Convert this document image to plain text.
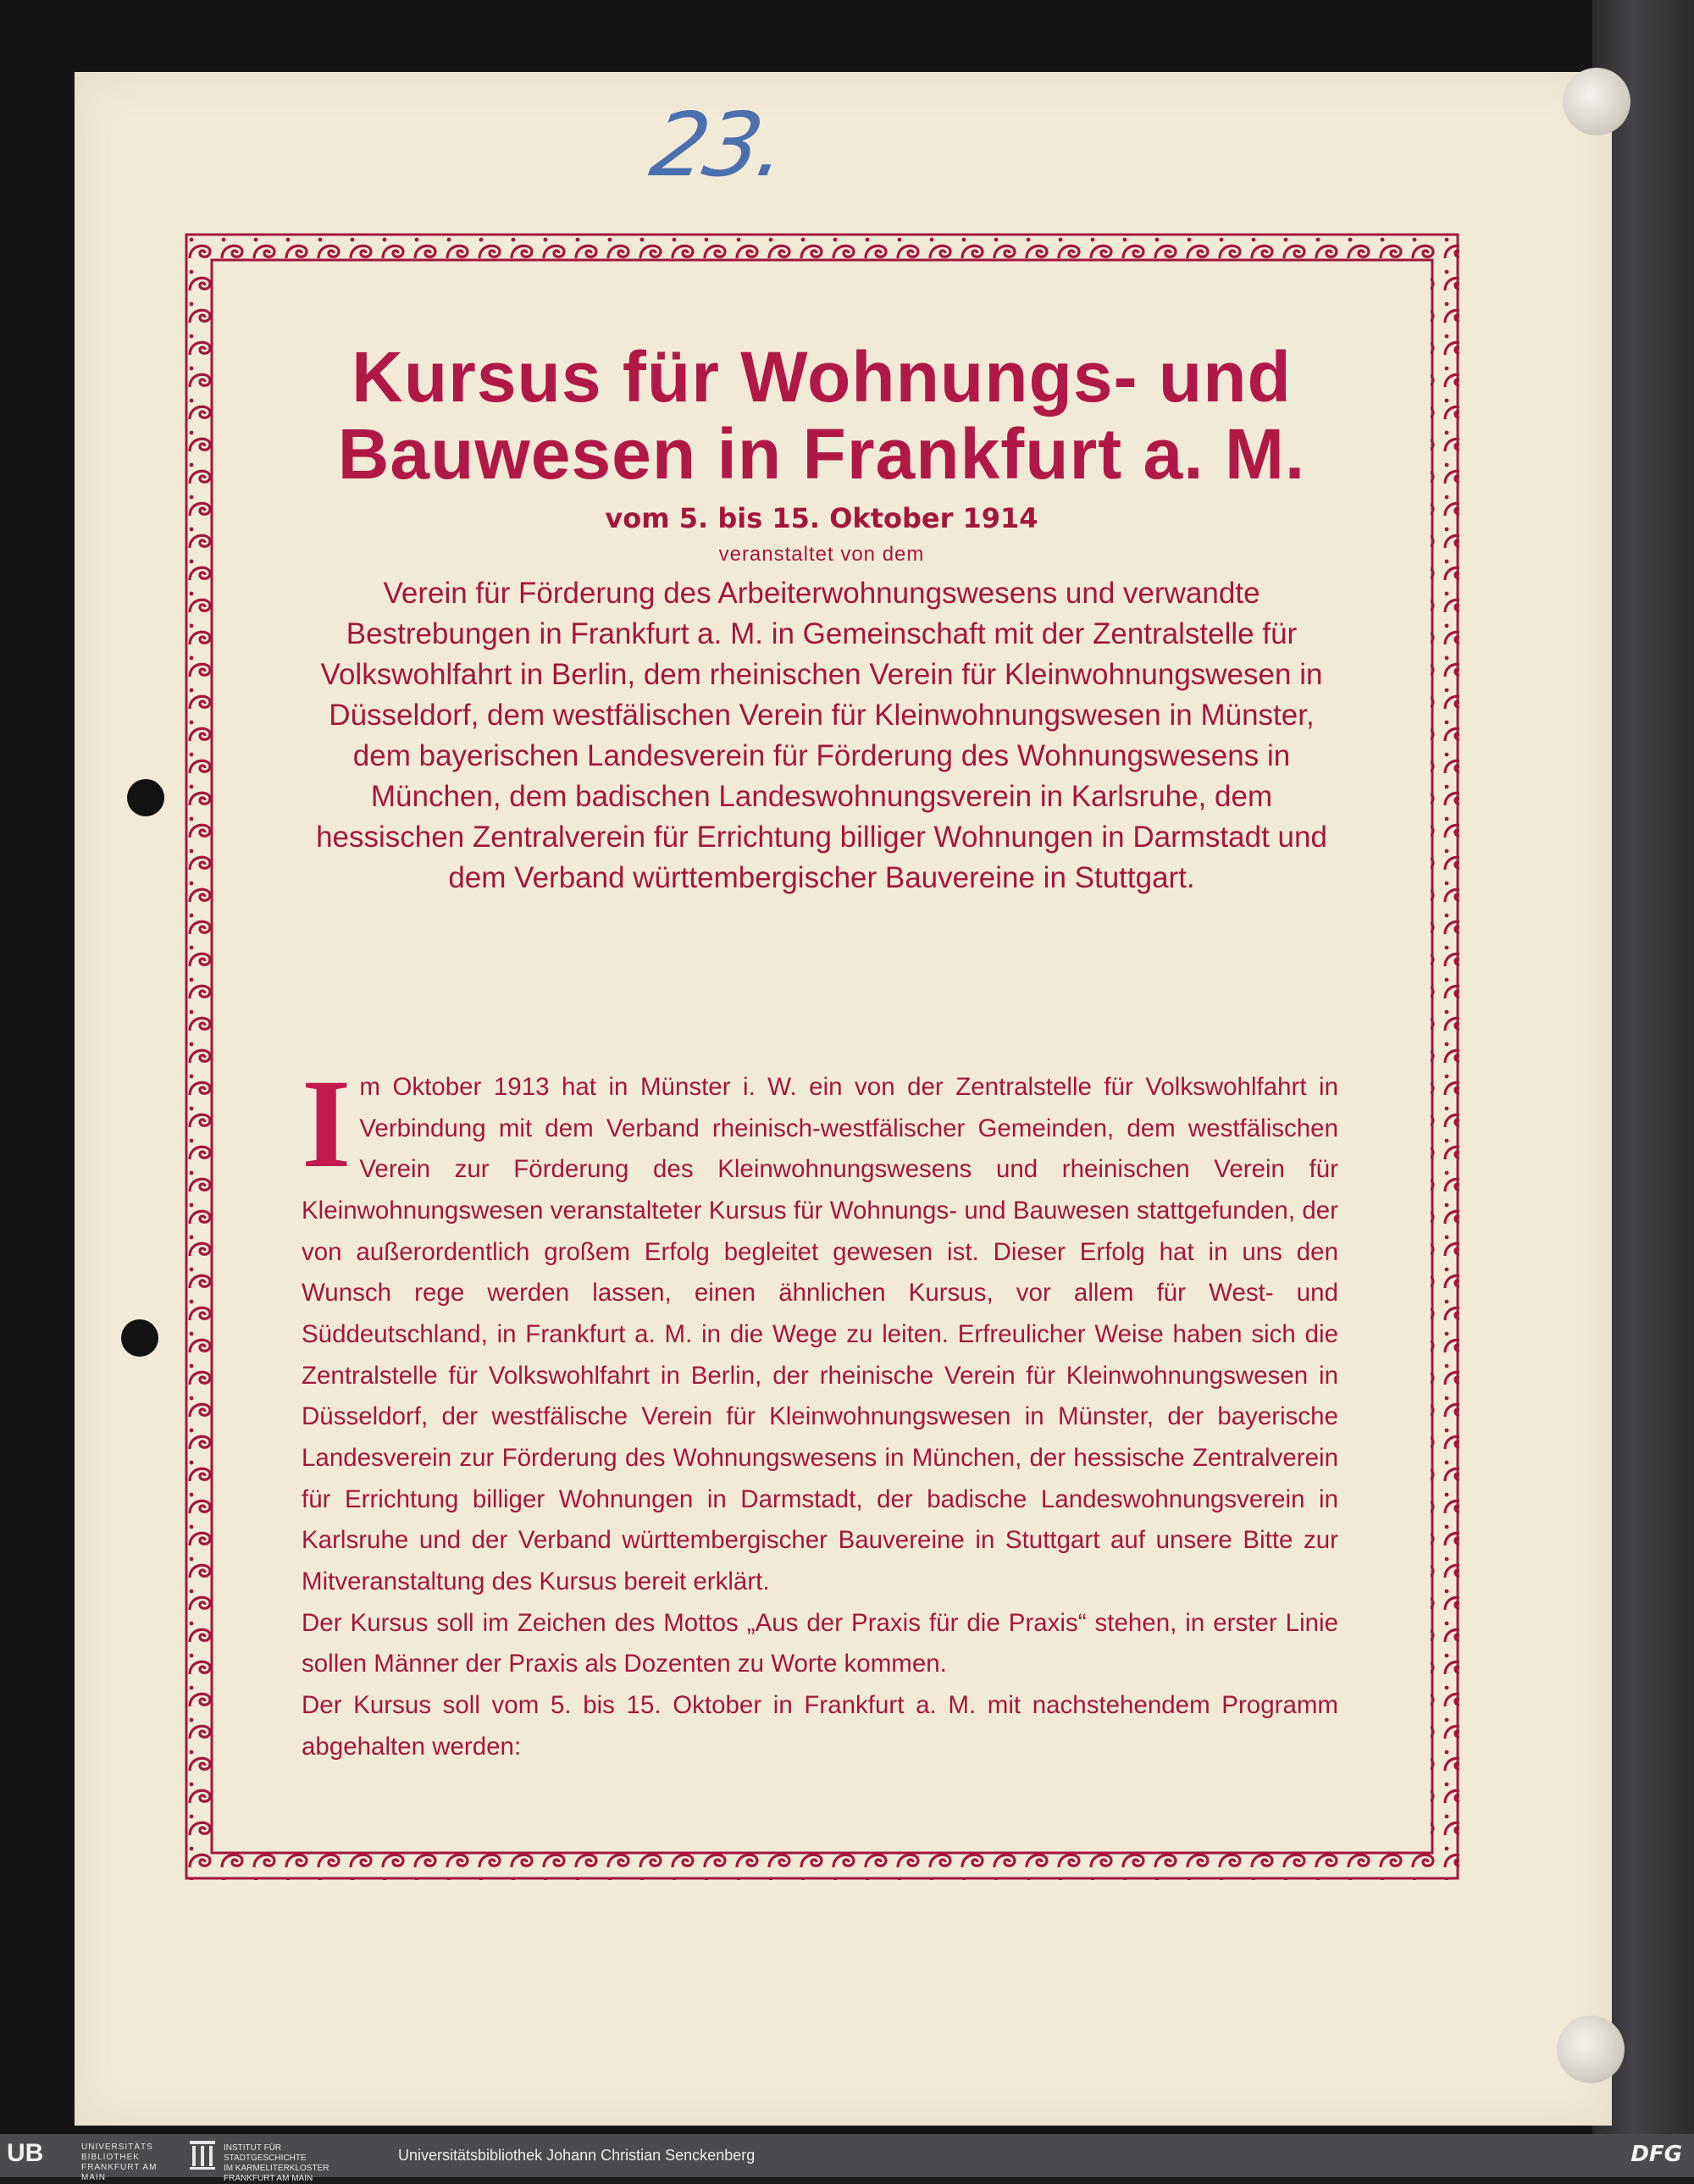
23.
Kursus für Wohnungs- und Bauwesen in Frankfurt a. M.

vom 5. bis 15. Oktober 1914

veranstaltet von dem

Verein für Förderung des Arbeiterwohnungswesens und verwandte Bestrebungen in Frankfurt a. M. in Gemeinschaft mit der Zentralstelle für Volkswohlfahrt in Berlin, dem rheinischen Verein für Kleinwohnungswesen in Düsseldorf, dem westfälischen Verein für Kleinwohnungswesen in Münster, dem bayerischen Landesverein für Förderung des Wohnungswesens in München, dem badischen Landeswohnungsverein in Karlsruhe, dem hessischen Zentralverein für Errichtung billiger Wohnungen in Darmstadt und dem Verband württembergischer Bauvereine in Stuttgart.

Im Oktober 1913 hat in Münster i. W. ein von der Zentralstelle für Volkswohlfahrt in Verbindung mit dem Verband rheinisch-westfälischer Gemeinden, dem westfälischen Verein zur Förderung des Kleinwohnungswesens und rheinischen Verein für Kleinwohnungswesen veranstalteter Kursus für Wohnungs- und Bauwesen stattgefunden, der von außerordentlich großem Erfolg begleitet gewesen ist. Dieser Erfolg hat in uns den Wunsch rege werden lassen, einen ähnlichen Kursus, vor allem für West- und Süddeutschland, in Frankfurt a. M. in die Wege zu leiten. Erfreulicher Weise haben sich die Zentralstelle für Volkswohlfahrt in Berlin, der rheinische Verein für Kleinwohnungswesen in Düsseldorf, der westfälische Verein für Kleinwohnungswesen in Münster, der bayerische Landesverein zur Förderung des Wohnungswesens in München, der hessische Zentralverein für Errichtung billiger Wohnungen in Darmstadt, der badische Landeswohnungsverein in Karlsruhe und der Verband württembergischer Bauvereine in Stuttgart auf unsere Bitte zur Mitveranstaltung des Kursus bereit erklärt.

Der Kursus soll im Zeichen des Mottos „Aus der Praxis für die Praxis“ stehen, in erster Linie sollen Männer der Praxis als Dozenten zu Worte kommen.

Der Kursus soll vom 5. bis 15. Oktober in Frankfurt a. M. mit nachstehendem Programm abgehalten werden:

UB	UNIVERSITÄTS
BIBLIOTHEK
FRANKFURT AM MAIN
INSTITUT FÜR
STADTGESCHICHTE
IM KARMELITERKLOSTER
FRANKFURT AM MAIN
Universitätsbibliothek Johann Christian Senckenberg	DFG
